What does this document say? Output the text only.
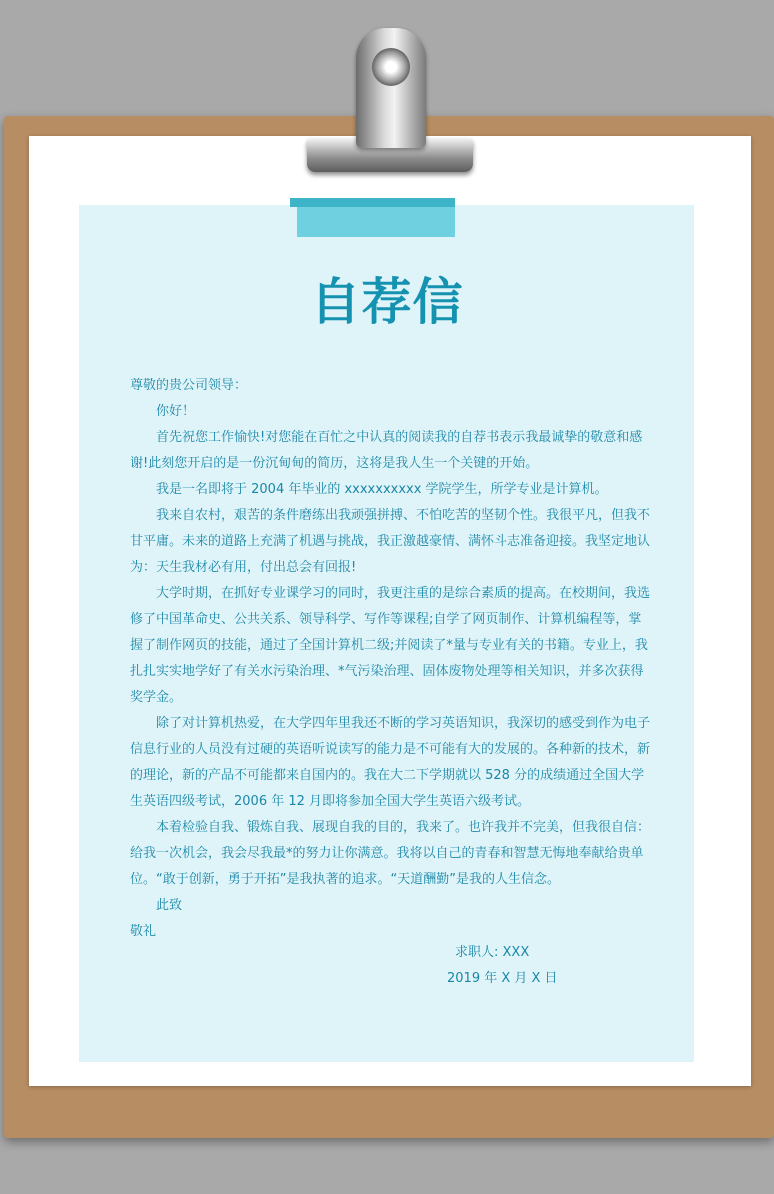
自荐信

尊敬的贵公司领导：

你好！

首先祝您工作愉快!对您能在百忙之中认真的阅读我的自荐书表示我最诚挚的敬意和感谢!此刻您开启的是一份沉甸甸的简历，这将是我人生一个关键的开始。

我是一名即将于 2004 年毕业的 xxxxxxxxxx 学院学生，所学专业是计算机。

我来自农村，艰苦的条件磨练出我顽强拼搏、不怕吃苦的坚韧个性。我很平凡，但我不甘平庸。未来的道路上充满了机遇与挑战，我正激越豪情、满怀斗志准备迎接。我坚定地认为：天生我材必有用，付出总会有回报!

大学时期，在抓好专业课学习的同时，我更注重的是综合素质的提高。在校期间，我选修了中国革命史、公共关系、领导科学、写作等课程;自学了网页制作、计算机编程等，掌握了制作网页的技能，通过了全国计算机二级;并阅读了*量与专业有关的书籍。专业上，我扎扎实实地学好了有关水污染治理、*气污染治理、固体废物处理等相关知识，并多次获得奖学金。

除了对计算机热爱，在大学四年里我还不断的学习英语知识，我深切的感受到作为电子信息行业的人员没有过硬的英语听说读写的能力是不可能有大的发展的。各种新的技术，新的理论，新的产品不可能都来自国内的。我在大二下学期就以 528 分的成绩通过全国大学生英语四级考试，2006 年 12 月即将参加全国大学生英语六级考试。

本着检验自我、锻炼自我、展现自我的目的，我来了。也许我并不完美，但我很自信：给我一次机会，我会尽我最*的努力让你满意。我将以自己的青春和智慧无悔地奉献给贵单位。“敢于创新，勇于开拓”是我执著的追求。“天道酬勤”是我的人生信念。

此致

敬礼

求职人: XXX

2019 年 X 月 X 日
